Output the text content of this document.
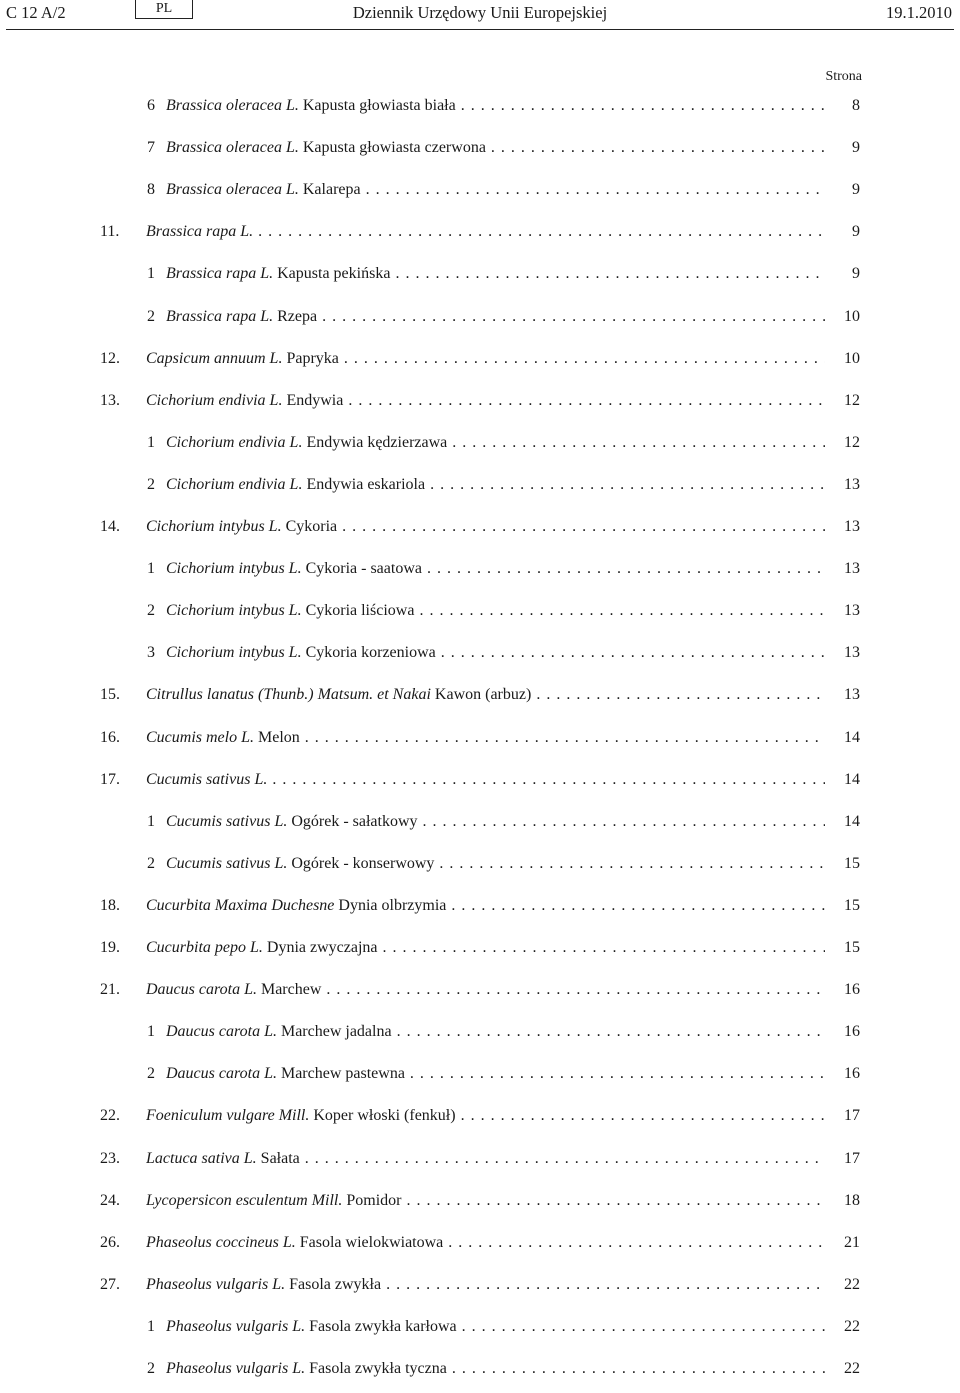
C 12 A/2	PL	Dziennik Urzędowy Unii Europejskiej	19.1.2010
Strona
6 Brassica oleracea L. Kapusta głowiasta biała . . .	8
7 Brassica oleracea L. Kapusta głowiasta czerwona . . .	9
8 Brassica oleracea L. Kalarepa . . .	9
11. Brassica rapa L. . . .	9
1 Brassica rapa L. Kapusta pekińska . . .	9
2 Brassica rapa L. Rzepa . . .	10
12. Capsicum annuum L. Papryka . . .	10
13. Cichorium endivia L. Endywia . . .	12
1 Cichorium endivia L. Endywia kędzierzawa . . .	12
2 Cichorium endivia L. Endywia eskariola . . .	13
14. Cichorium intybus L. Cykoria . . .	13
1 Cichorium intybus L. Cykoria - saatowa . . .	13
2 Cichorium intybus L. Cykoria liściowa . . .	13
3 Cichorium intybus L. Cykoria korzeniowa . . .	13
15. Citrullus lanatus (Thunb.) Matsum. et Nakai Kawon (arbuz) . . .	13
16. Cucumis melo L. Melon . . .	14
17. Cucumis sativus L. . . .	14
1 Cucumis sativus L. Ogórek - sałatkowy . . .	14
2 Cucumis sativus L. Ogórek - konserwowy . . .	15
18. Cucurbita Maxima Duchesne Dynia olbrzymia . . .	15
19. Cucurbita pepo L. Dynia zwyczajna . . .	15
21. Daucus carota L. Marchew . . .	16
1 Daucus carota L. Marchew jadalna . . .	16
2 Daucus carota L. Marchew pastewna . . .	16
22. Foeniculum vulgare Mill. Koper włoski (fenkuł) . . .	17
23. Lactuca sativa L. Sałata . . .	17
24. Lycopersicon esculentum Mill. Pomidor . . .	18
26. Phaseolus coccineus L. Fasola wielokwiatowa . . .	21
27. Phaseolus vulgaris L. Fasola zwykła . . .	22
1 Phaseolus vulgaris L. Fasola zwykła karłowa . . .	22
2 Phaseolus vulgaris L. Fasola zwykła tyczna . . .	22
